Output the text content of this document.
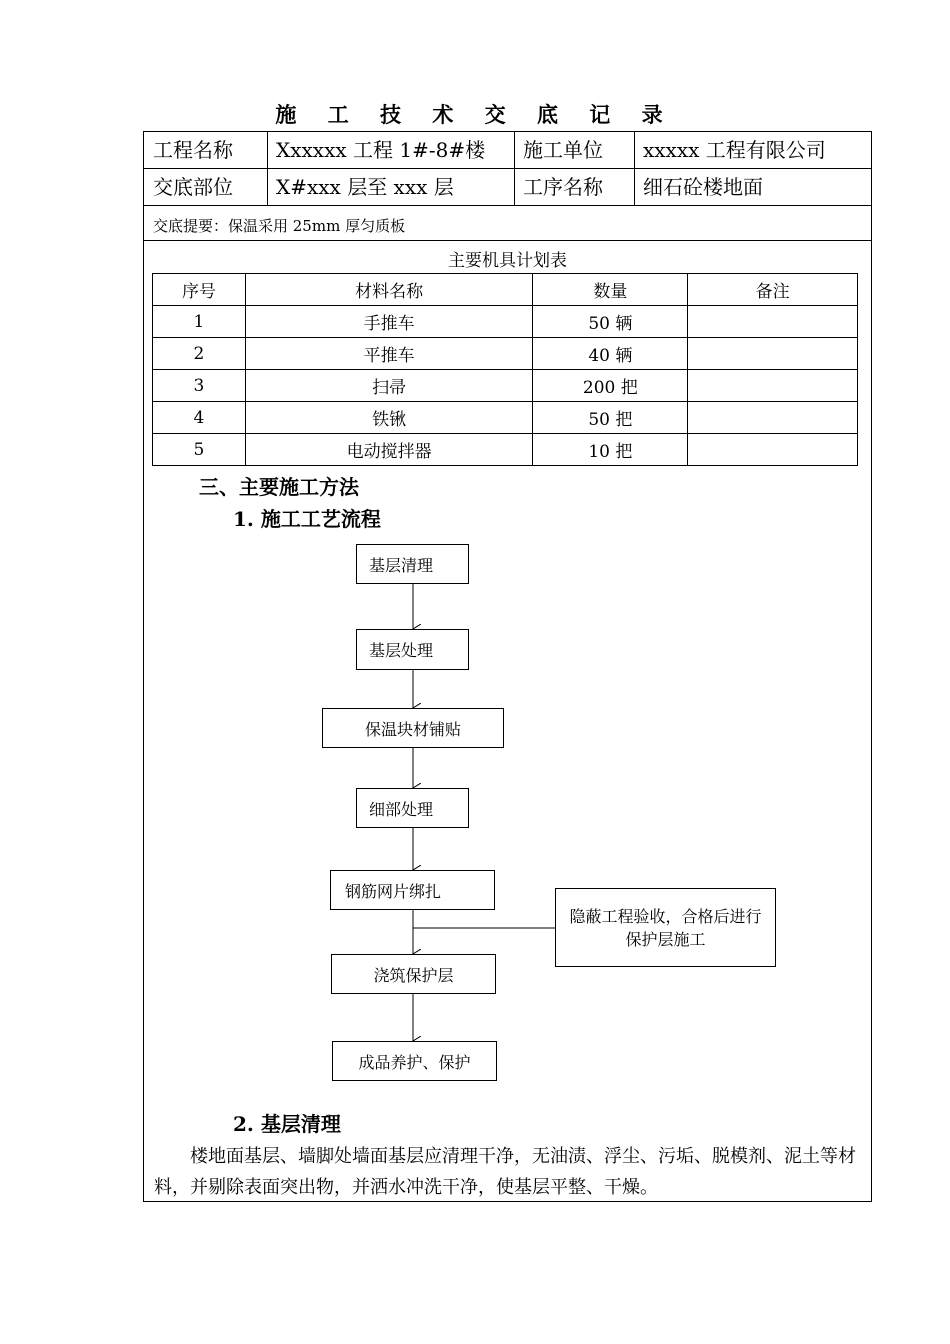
施 工 技 术 交 底 记 录
工程名称 Xxxxxx 工程 1#-8#楼 施工单位 xxxxx 工程有限公司
交底部位 X#xxx 层至 xxx 层	工序名称 细石砼楼地面
交底提要：保温采用 25mm 厚匀质板
主要机具计划表
序号	材料名称	数量	备注
1	手推车	50 辆	
2	平推车	40 辆	
3	扫帚	200 把	
4	铁锹	50 把	
5	电动搅拌器	10 把	
三、主要施工方法
1. 施工工艺流程
基层清理
基层处理
保温块材铺贴
细部处理
钢筋网片绑扎
隐蔽工程验收，合格后进行
保护层施工
浇筑保护层
成品养护、保护
2. 基层清理
楼地面基层、墙脚处墙面基层应清理干净，无油渍、浮尘、污垢、脱模剂、泥土等材料，并剔除表面突出物，并洒水冲洗干净，使基层平整、干燥。
